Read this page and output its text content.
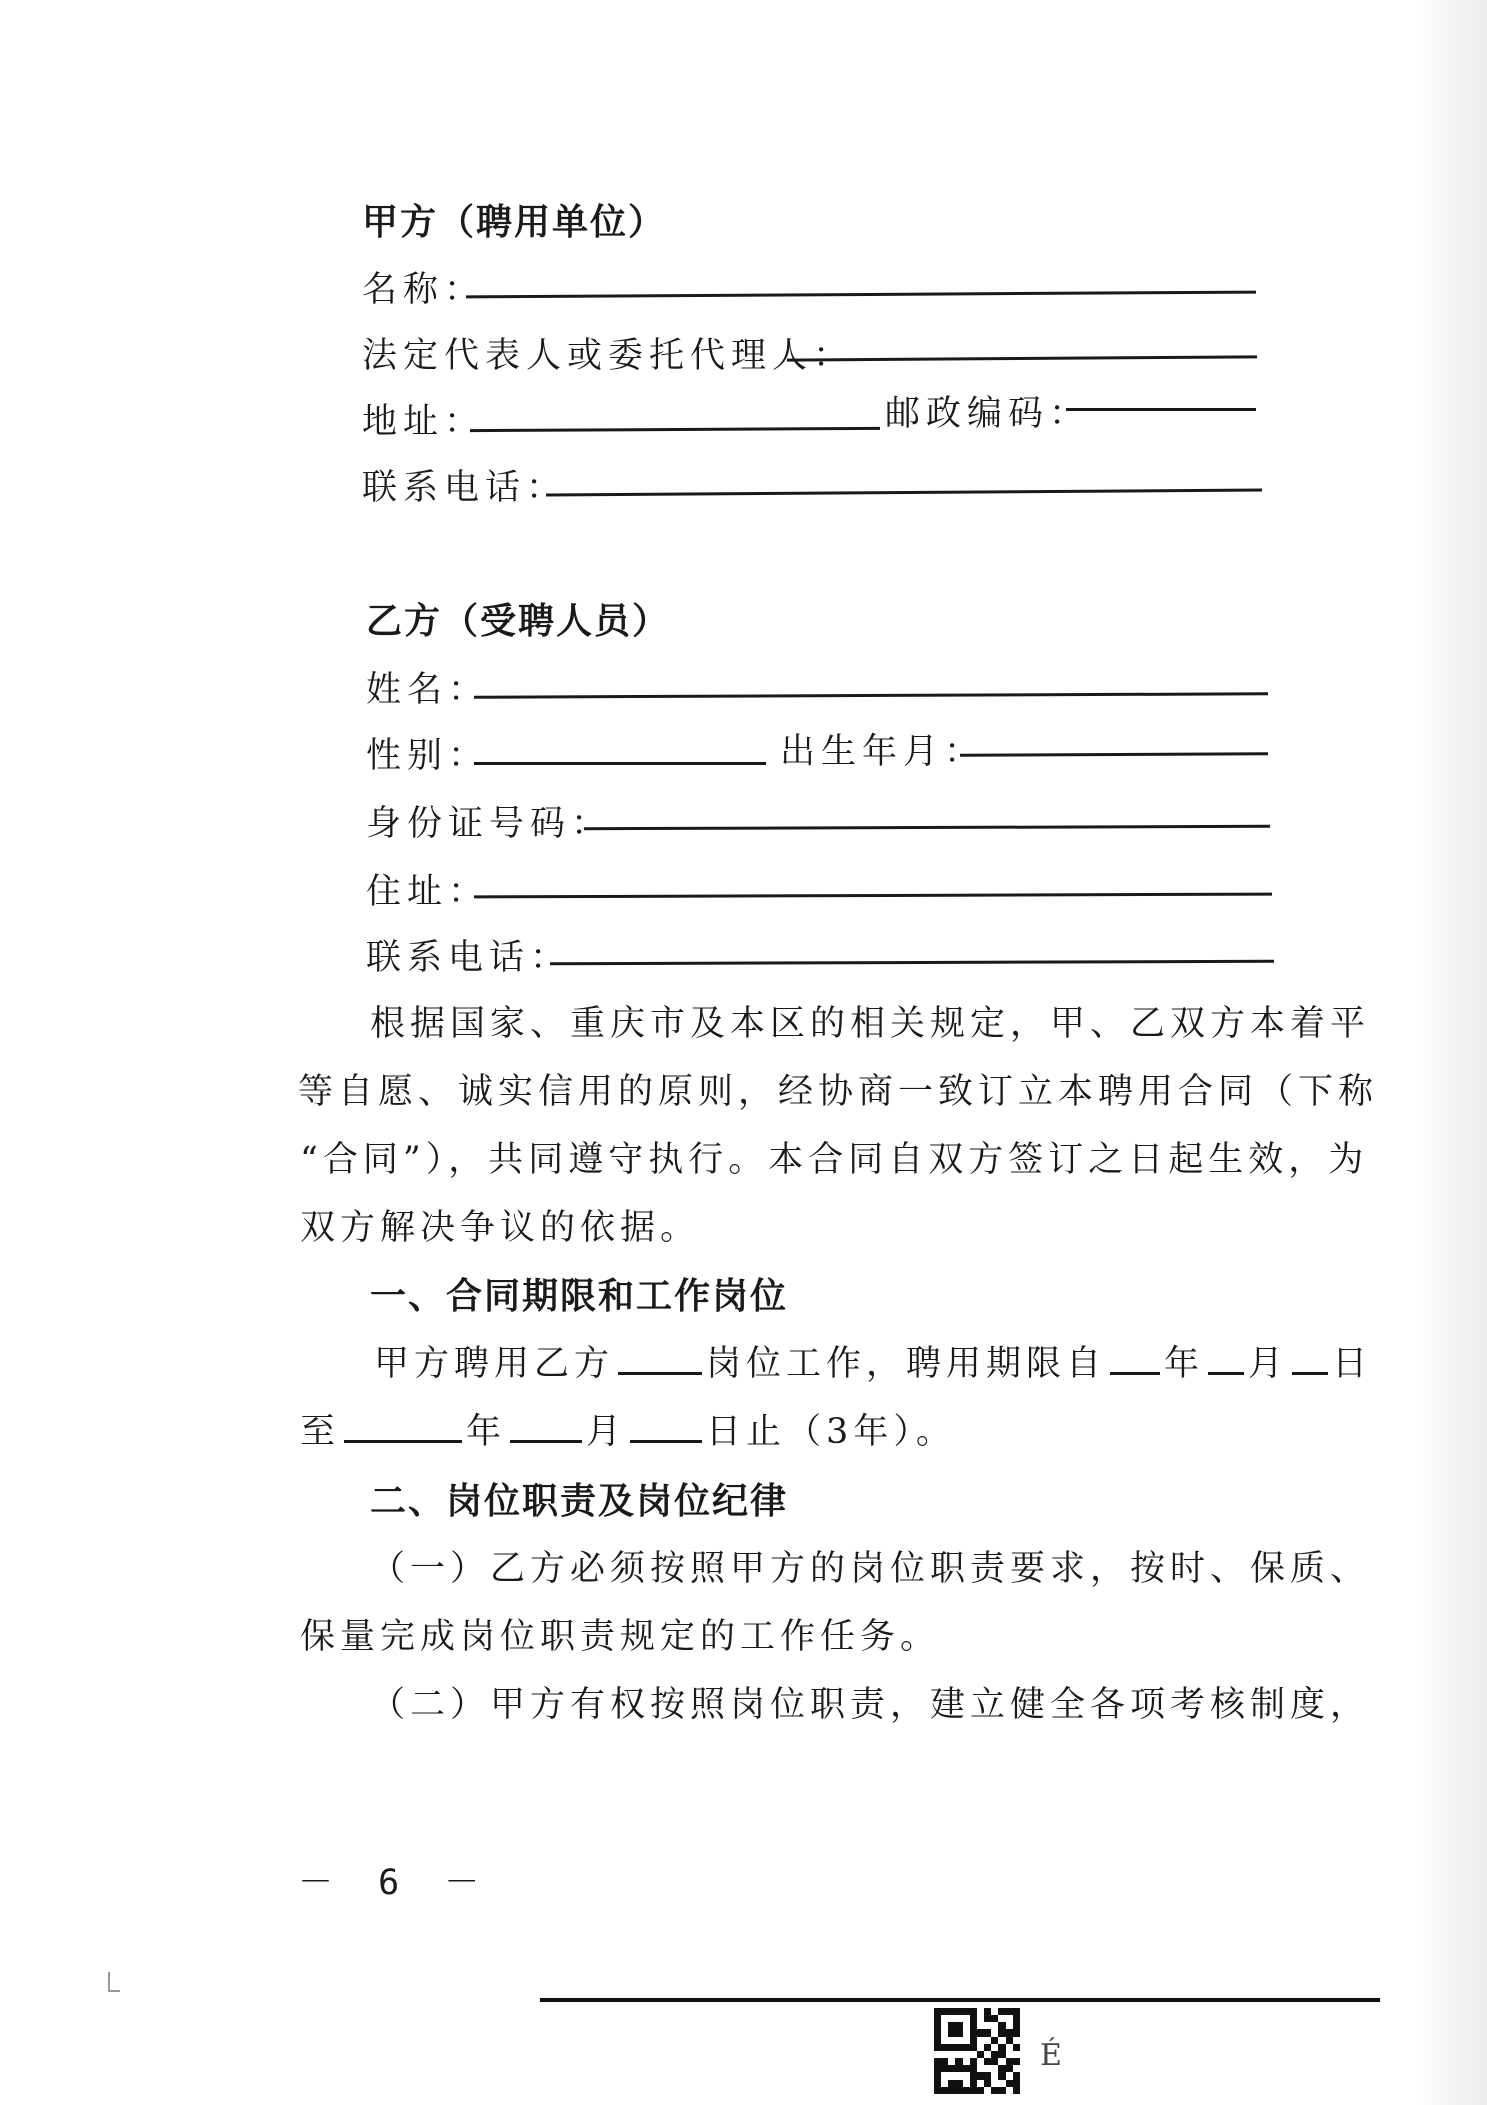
甲方（聘用单位）
名称：
法定代表人或委托代理人：
地址：	邮政编码：
联系电话：
乙方（受聘人员）
姓名：
性别：	出生年月：
身份证号码：
住址：
联系电话：
根据国家、重庆市及本区的相关规定，甲、乙双方本着平
等自愿、诚实信用的原则，经协商一致订立本聘用合同（下称
“合同”），共同遵守执行。本合同自双方签订之日起生效，为
双方解决争议的依据。
一、合同期限和工作岗位
甲方聘用乙方	岗位工作，聘用期限自 年 月 日
至	年 月 日止（3年）。
二、岗位职责及岗位纪律
（一）乙方必须按照甲方的岗位职责要求，按时、保质、
保量完成岗位职责规定的工作任务。
（二）甲方有权按照岗位职责，建立健全各项考核制度，
－ 6 －
É
